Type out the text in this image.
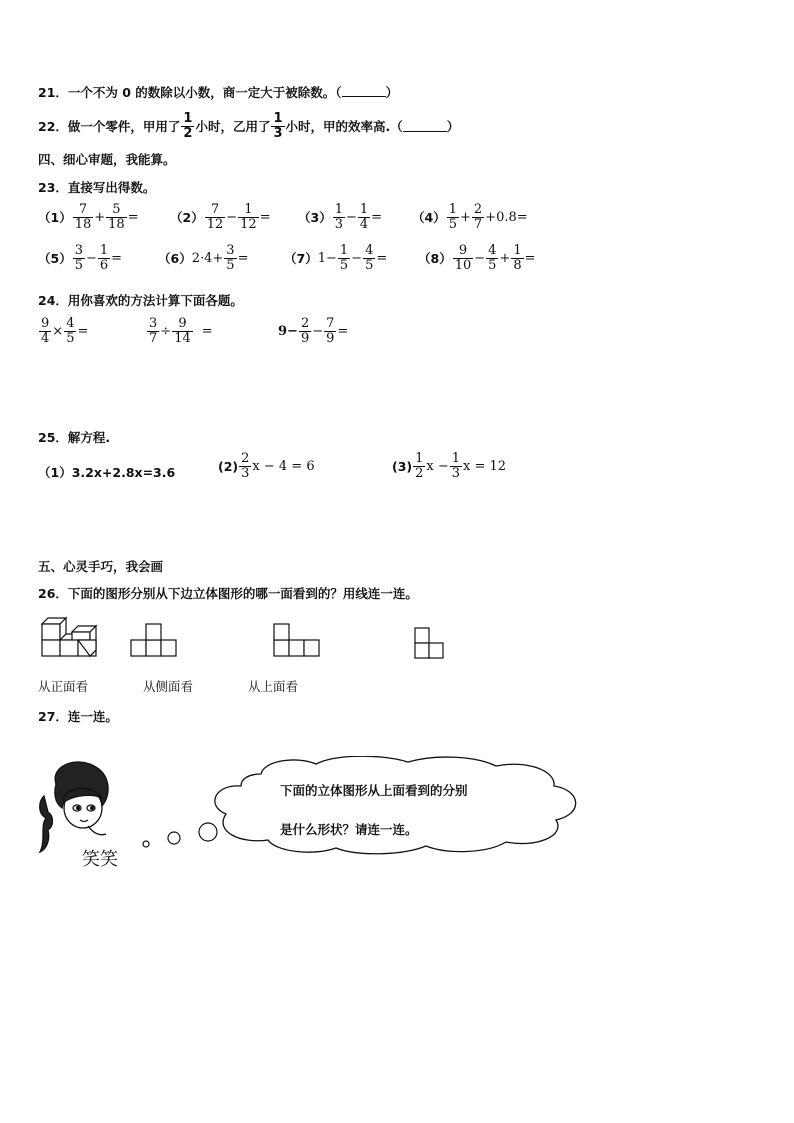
21．一个不为 0 的数除以小数，商一定大于被除数。（	）
22．做一个零件，甲用了 $\frac{1}{2}$ 小时，乙用了 $\frac{1}{3}$ 小时，甲的效率高.（	）
四、细心审题，我能算。
23．直接写出得数。
$(1) \frac{7}{18} + \frac{5}{18}$ =	$(2) \frac{7}{12} - \frac{1}{12} = (3) \frac{1}{3} - \frac{1}{4} = (4) \frac{1}{5} + \frac{2}{7} +0.8=$
$(5) \frac{3}{5} - \frac{1}{6}$ =	（6） $2\cdot 4+ \frac{3}{5}$ =	（7） $1- \frac{1}{5} - \frac{4}{5} = (8) \frac{9}{10} - \frac{4}{5} + \frac{1}{8}$ =
24．用你喜欢的方法计算下面各题。
$\frac{9}{4} \times \frac{4}{5}$ =	$\frac{3}{7} \div \frac{9}{14}$ =	$9- \frac{2}{9} - \frac{7}{9}$ =
25．解方程.
（1）3.2x+2.8x=3.6	$(2) \frac{2}{3}$ x − 4 = 6	$(3) \frac{1}{2}$ $x - \frac{1}{3}$ x = 12
五、心灵手巧，我会画
26．下面的图形分别从下边立体图形的哪一面看到的？用线连一连。
从正面看	从侧面看	从上面看
27．连一连。
下面的立体图形从上面看到的分别
是什么形状？请连一连。
笑笑
